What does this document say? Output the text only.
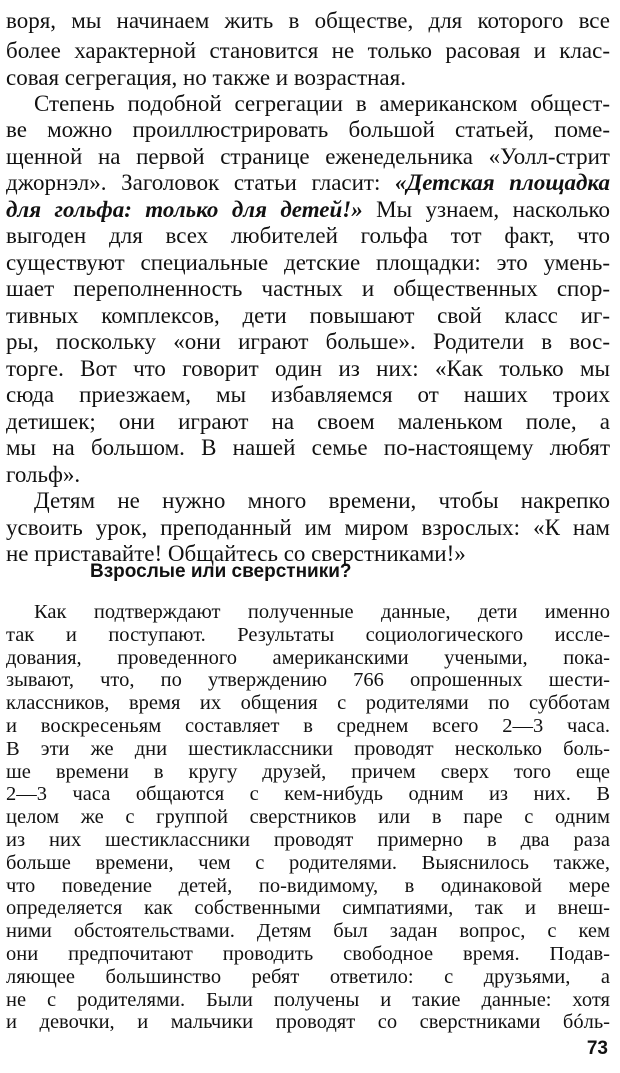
воря, мы начинаем жить в обществе, для которого все
более характерной становится не только расовая и клас-
совая сегрегация, но также и возрастная.
Степень подобной сегрегации в американском общест-
ве можно проиллюстрировать большой статьей, поме-
щенной на первой странице еженедельника «Уолл-стрит
джорнэл». Заголовок статьи гласит: «Детская площадка
для гольфа: только для детей!» Мы узнаем, насколько
выгоден для всех любителей гольфа тот факт, что
существуют специальные детские площадки: это умень-
шает переполненность частных и общественных спор-
тивных комплексов, дети повышают свой класс иг-
ры, поскольку «они играют больше». Родители в вос-
торге. Вот что говорит один из них: «Как только мы
сюда приезжаем, мы избавляемся от наших троих
детишек; они играют на своем маленьком поле, а
мы на большом. В нашей семье по-настоящему любят
гольф».
Детям не нужно много времени, чтобы накрепко
усвоить урок, преподанный им миром взрослых: «К нам
не приставайте! Общайтесь со сверстниками!»
Взрослые или сверстники?
Как подтверждают полученные данные, дети именно
так и поступают. Результаты социологического иссле-
дования, проведенного американскими учеными, пока-
зывают, что, по утверждению 766 опрошенных шести-
классников, время их общения с родителями по субботам
и воскресеньям составляет в среднем всего 2—3 часа.
В эти же дни шестиклассники проводят несколько боль-
ше времени в кругу друзей, причем сверх того еще
2—3 часа общаются с кем-нибудь одним из них. В
целом же с группой сверстников или в паре с одним
из них шестиклассники проводят примерно в два раза
больше времени, чем с родителями. Выяснилось также,
что поведение детей, по-видимому, в одинаковой мере
определяется как собственными симпатиями, так и внеш-
ними обстоятельствами. Детям был задан вопрос, с кем
они предпочитают проводить свободное время. Подав-
ляющее большинство ребят ответило: с друзьями, а
не с родителями. Были получены и такие данные: хотя
и девочки, и мальчики проводят со сверстниками бóль-
73
